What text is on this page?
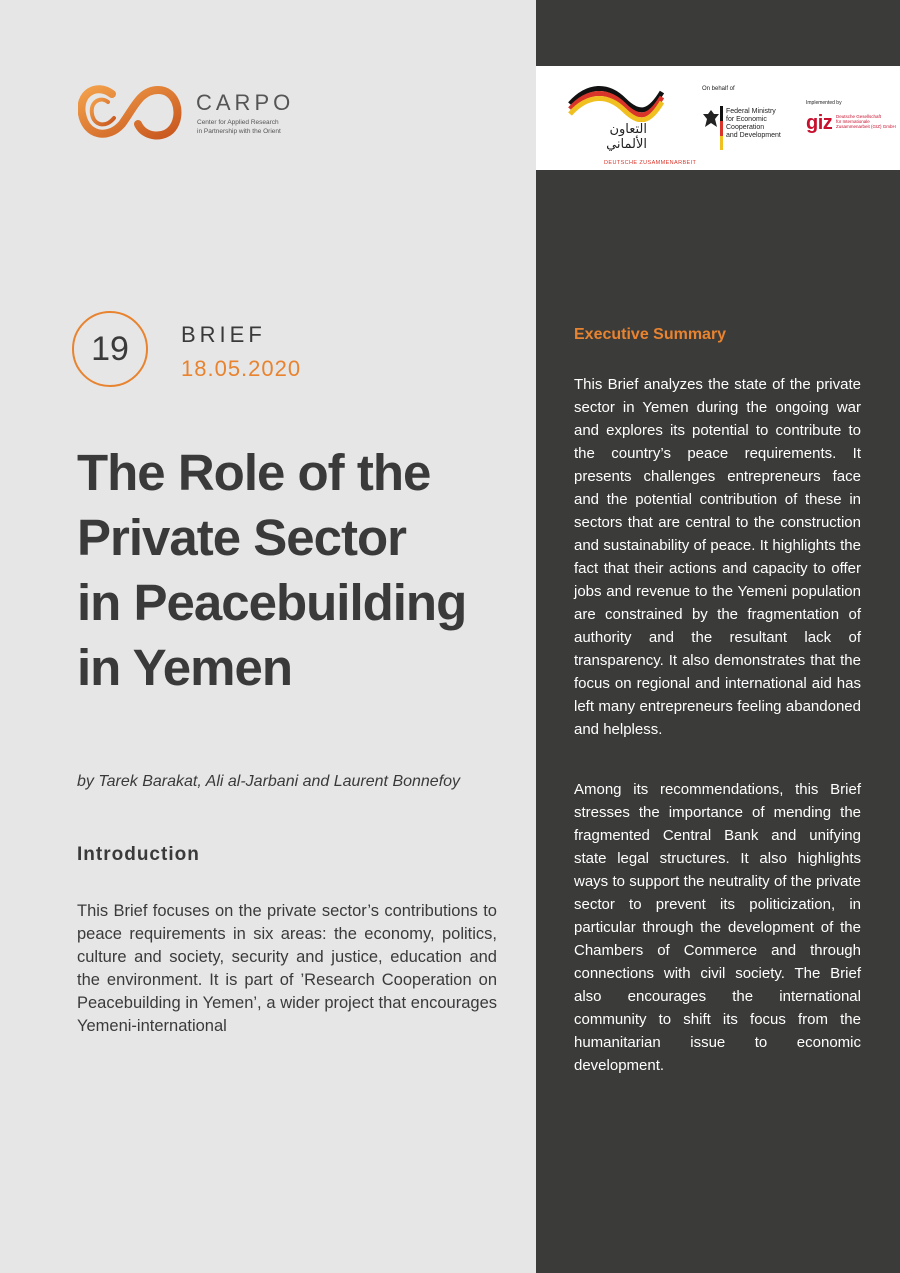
التعاون
الألماني
DEUTSCHE ZUSAMMENARBEIT
On behalf of
Federal Ministry
for Economic Cooperation
and Development
Implemented by
giz Deutsche Gesellschaft
für Internationale
Zusammenarbeit (GIZ) GmbH
CARPO
Center for Applied Research
in Partnership with the Orient
19	BRIEF
18.05.2020
The Role of the
Private Sector
in Peacebuilding
in Yemen
by Tarek Barakat, Ali al-Jarbani and Laurent Bonnefoy
Introduction

This Brief focuses on the private sector’s contributions to peace requirements in six areas: the economy, politics, culture and society, security and justice, education and the environment. It is part of ’Research Cooperation on Peacebuilding in Yemen’, a wider project that encourages Yemeni-international

Executive Summary

This Brief analyzes the state of the private sector in Yemen during the ongoing war and explores its potential to contribute to the country’s peace requirements. It presents challenges entrepreneurs face and the potential contribution of these in sectors that are central to the construction and sustainability of peace. It highlights the fact that their actions and capacity to offer jobs and revenue to the Yemeni population are constrained by the fragmentation of authority and the resultant lack of transparency. It also demonstrates that the focus on regional and international aid has left many entrepreneurs feeling abandoned and helpless.

Among its recommendations, this Brief stresses the importance of mending the fragmented Central Bank and unifying state legal structures. It also highlights ways to support the neutrality of the private sector to prevent its politicization, in particular through the development of the Chambers of Commerce and through connections with civil society. The Brief also encourages the international community to shift its focus from the humanitarian issue to economic development.
